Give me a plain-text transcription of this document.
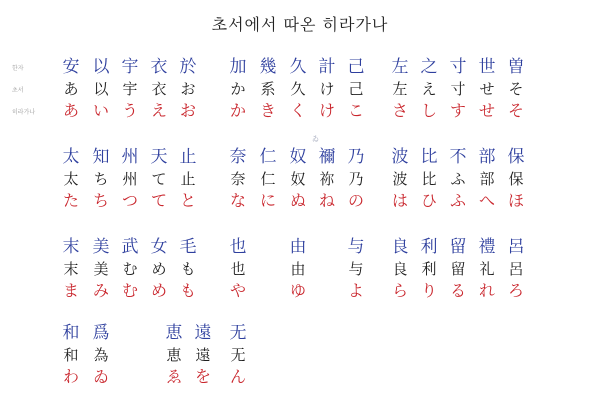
초서에서 따온 히라가나
한자
초서
히라가나
ゐ
安
あ
あ
以
以
い
宇
宇
う
衣
衣
え
於
お
お
加
か
か
幾
系
き
久
久
く
計
け
け
己
己
こ
左
左
さ
之
え
し
寸
寸
す
世
せ
せ
曽
そ
そ
太
太
た
知
ち
ち
州
州
つ
天
て
て
止
止
と
奈
奈
な
仁
仁
に
奴
奴
ぬ
禰
祢
ね
乃
乃
の
波
波
は
比
比
ひ
不
ふ
ふ
部
部
へ
保
保
ほ
末
末
ま
美
美
み
武
む
む
女
め
め
毛
も
も
也
也
や
由
由
ゆ
与
与
よ
良
良
ら
利
利
り
留
留
る
禮
礼
れ
呂
呂
ろ
和
和
わ
爲
為
ゐ
恵
恵
ゑ
遠
遠
を
无
无
ん
